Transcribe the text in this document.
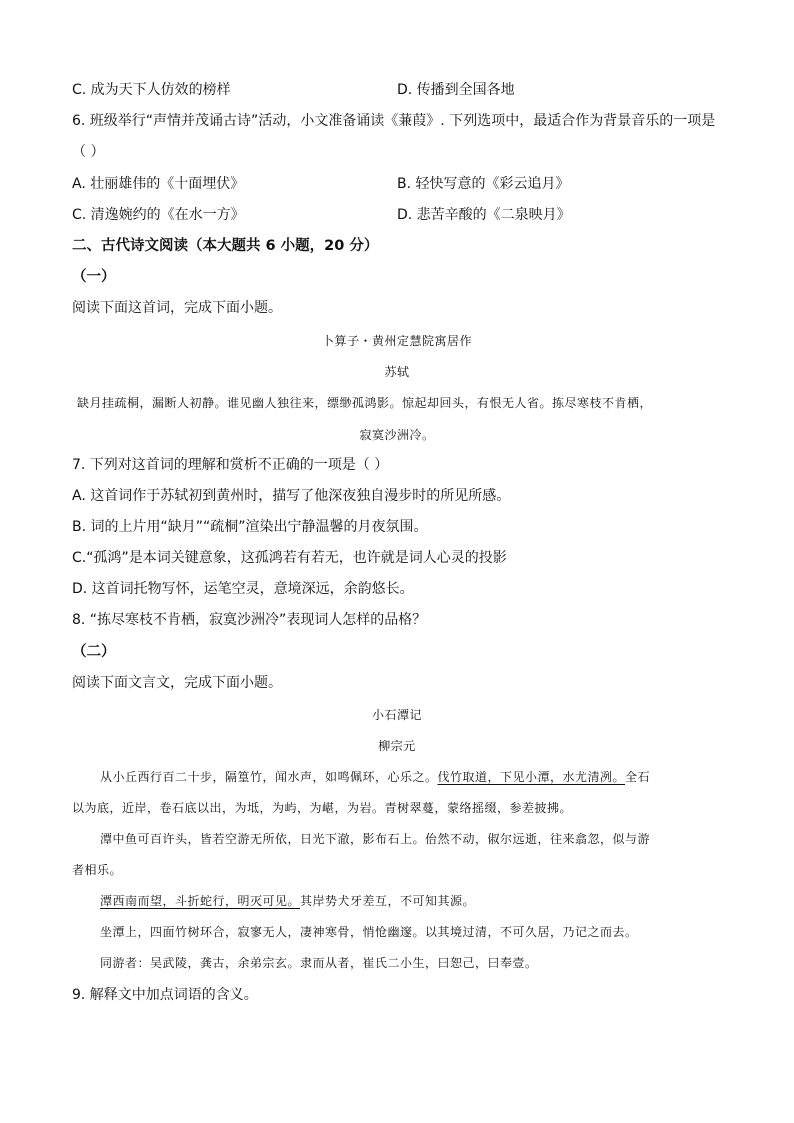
C. 成为天下人仿效的榜样	D. 传播到全国各地
6. 班级举行“声情并茂诵古诗”活动，小文准备诵读《蒹葭》. 下列选项中，最适合作为背景音乐的一项是
（ ）
A. 壮丽雄伟的《十面埋伏》	B. 轻快写意的《彩云追月》
C. 清逸婉约的《在水一方》	D. 悲苦辛酸的《二泉映月》
二、古代诗文阅读（本大题共 6 小题，20 分）
（一）
阅读下面这首词，完成下面小题。
卜算子・黄州定慧院寓居作
苏轼
缺月挂疏桐，漏断人初静。谁见幽人独往来，缥缈孤鸿影。惊起却回头，有恨无人省。拣尽寒枝不肯栖，
寂寞沙洲冷。
7. 下列对这首词的理解和赏析不正确的一项是（ ）
A. 这首词作于苏轼初到黄州时，描写了他深夜独自漫步时的所见所感。
B. 词的上片用“缺月”“疏桐”渲染出宁静温馨的月夜氛围。
C.“孤鸿”是本词关键意象，这孤鸿若有若无，也许就是词人心灵的投影
D. 这首词托物写怀，运笔空灵，意境深远，余韵悠长。
8. “拣尽寒枝不肯栖，寂寞沙洲冷”表现词人怎样的品格？
（二）
阅读下面文言文，完成下面小题。
小石潭记
柳宗元
从小丘西行百二十步，隔篁竹，闻水声，如鸣佩环，心乐之。伐竹取道，下见小潭，水尤清冽。全石
以为底，近岸，卷石底以出，为坻，为屿，为嵁，为岩。青树翠蔓，蒙络摇缀，参差披拂。
潭中鱼可百许头，皆若空游无所依，日光下澈，影布石上。佁然不动，俶尔远逝，往来翕忽，似与游
者相乐。
潭西南而望，斗折蛇行，明灭可见。其岸势犬牙差互，不可知其源。
坐潭上，四面竹树环合，寂寥无人，凄神寒骨，悄怆幽邃。以其境过清，不可久居，乃记之而去。
同游者：吴武陵，龚古，余弟宗玄。隶而从者，崔氏二小生，曰恕己，曰奉壹。
9. 解释文中加点词语的含义。
